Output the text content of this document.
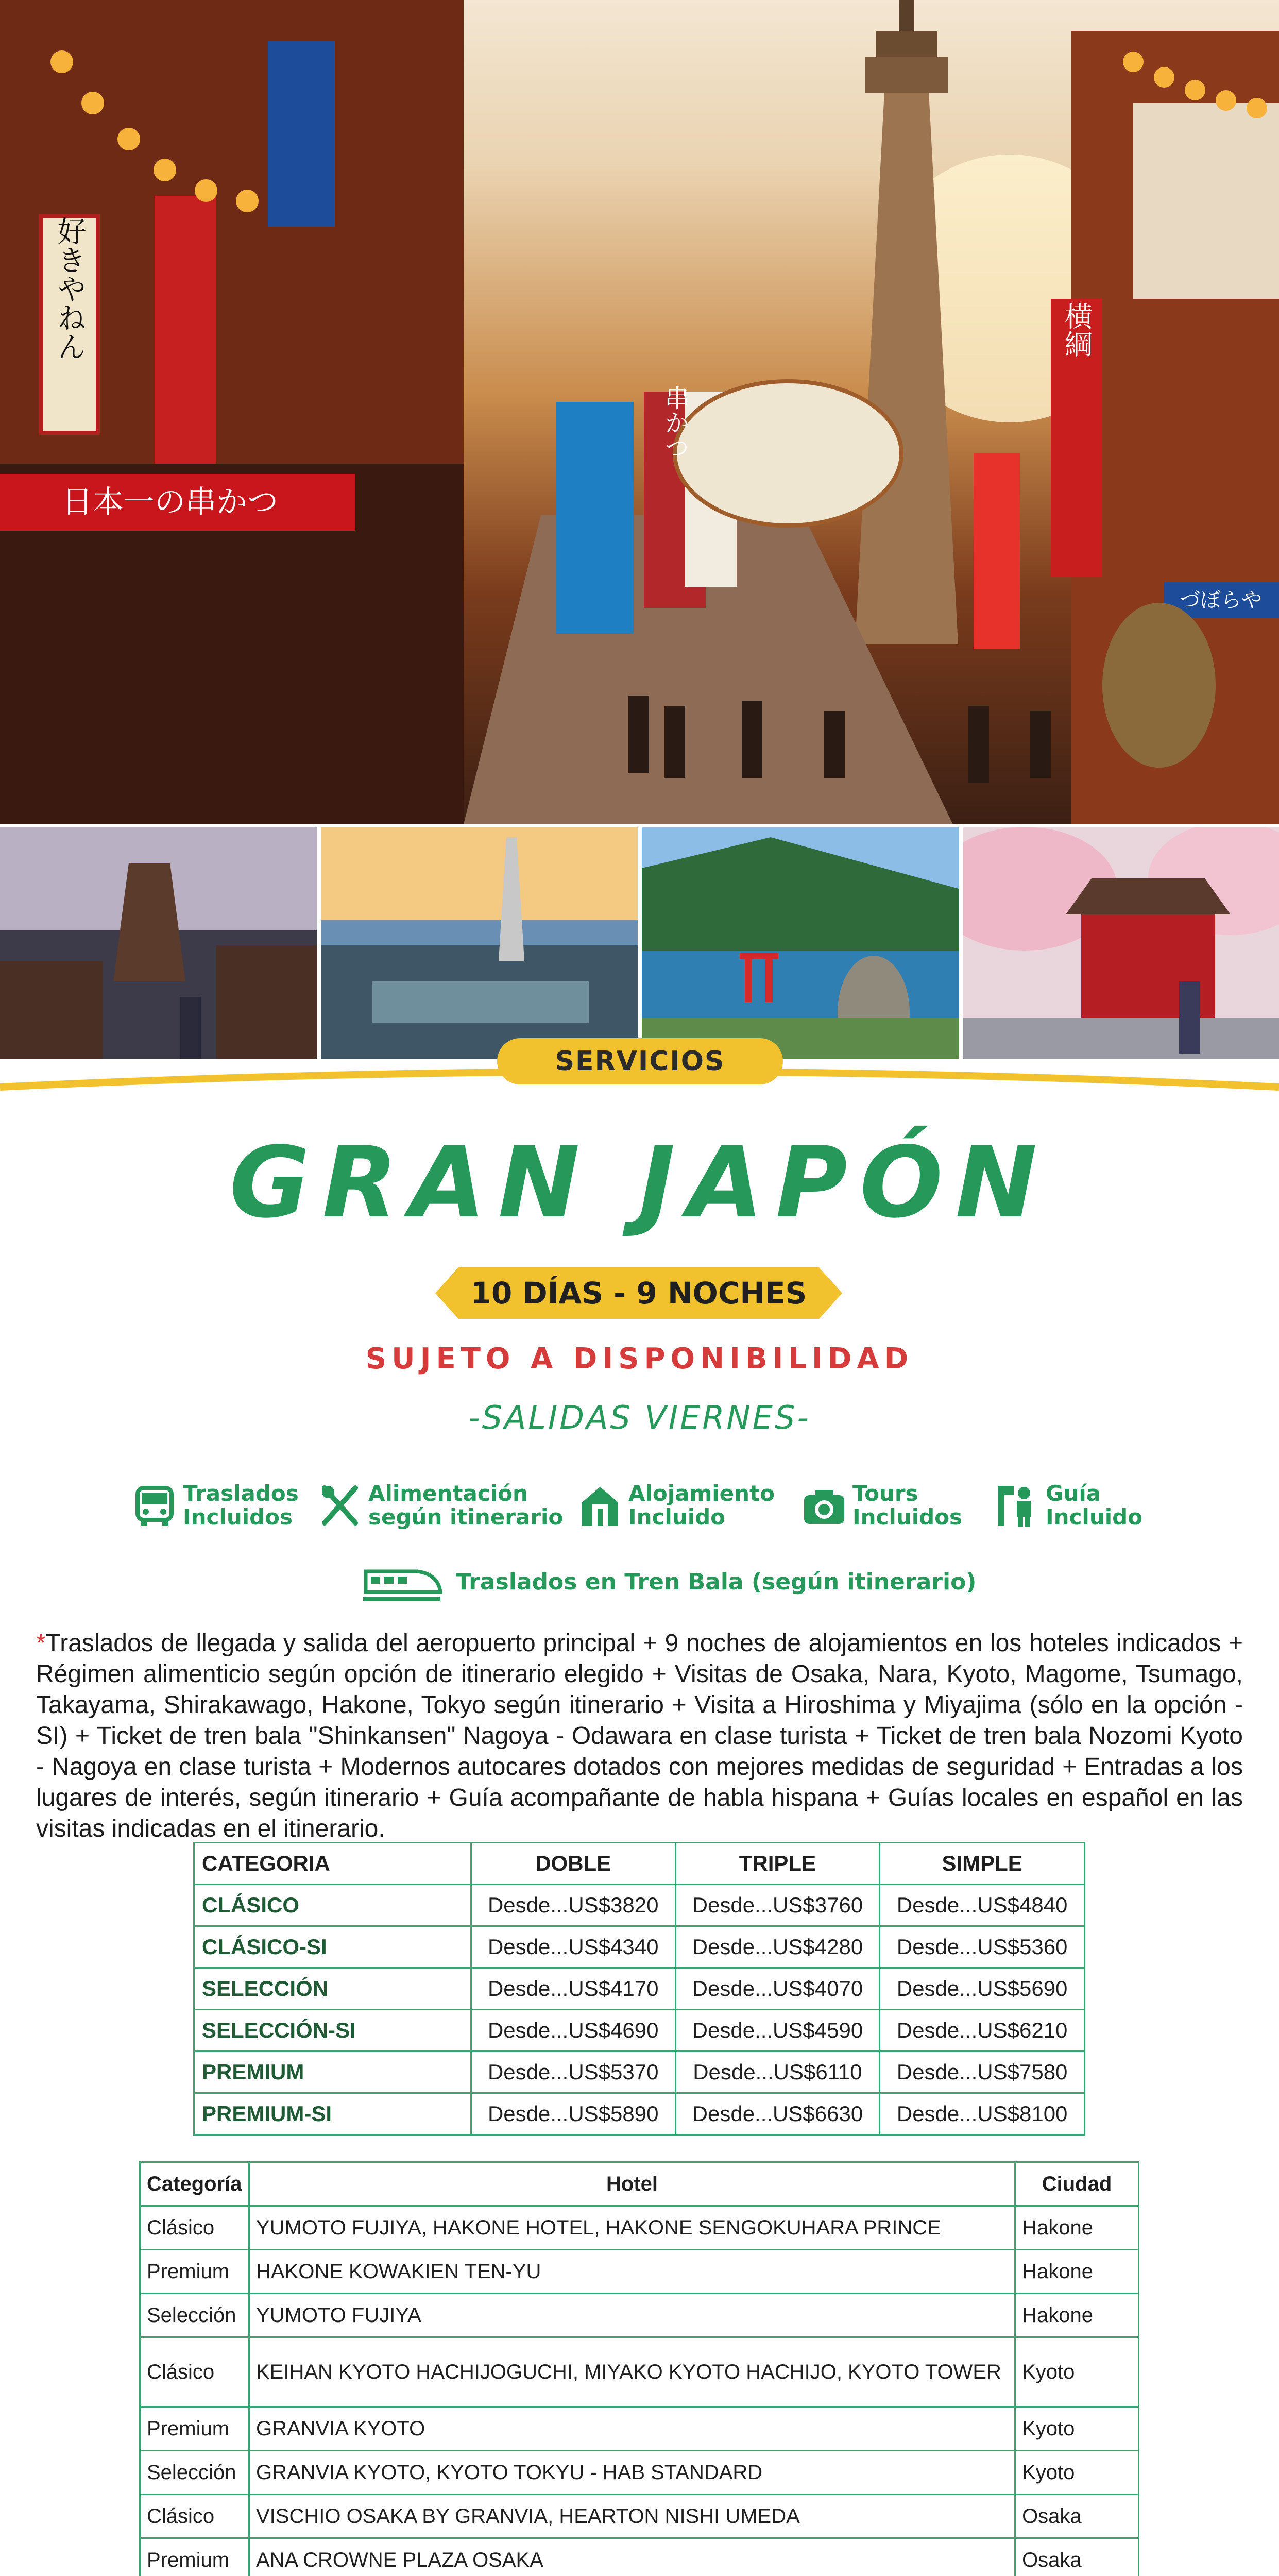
好きやねん	横綱
日本一の串かつ
串かつ
づぼらや
SERVICIOS
GRAN JAPÓN
10 DÍAS - 9 NOCHES
SUJETO A DISPONIBILIDAD
-SALIDAS VIERNES-
Traslados
Incluidos
Alimentación
según itinerario
Alojamiento
Incluido
Tours
Incluidos
Guía
Incluido
Traslados en Tren Bala (según itinerario)
*Traslados de llegada y salida del aeropuerto principal + 9 noches de alojamientos en los hoteles indicados + Régimen alimenticio según opción de itinerario elegido + Visitas de Osaka, Nara, Kyoto, Magome, Tsumago, Takayama, Shirakawago, Hakone, Tokyo según itinerario + Visita a Hiroshima y Miyajima (sólo en la opción -SI) + Ticket de tren bala "Shinkansen" Nagoya - Odawara en clase turista + Ticket de tren bala Nozomi Kyoto - Nagoya en clase turista + Modernos autocares dotados con mejores medidas de seguridad + Entradas a los lugares de interés, según itinerario + Guía acompañante de habla hispana + Guías locales en español en las visitas indicadas en el itinerario.
CATEGORIA	DOBLE	TRIPLE	SIMPLE
CLÁSICO	Desde...US$3820	Desde...US$3760	Desde...US$4840
CLÁSICO-SI	Desde...US$4340	Desde...US$4280	Desde...US$5360
SELECCIÓN	Desde...US$4170	Desde...US$4070	Desde...US$5690
SELECCIÓN-SI	Desde...US$4690	Desde...US$4590	Desde...US$6210
PREMIUM	Desde...US$5370	Desde...US$6110	Desde...US$7580
PREMIUM-SI	Desde...US$5890	Desde...US$6630	Desde...US$8100
Categoría	Hotel	Ciudad
Clásico	YUMOTO FUJIYA, HAKONE HOTEL, HAKONE SENGOKUHARA PRINCE	Hakone
Premium	HAKONE KOWAKIEN TEN-YU	Hakone
Selección	YUMOTO FUJIYA	Hakone
Clásico	KEIHAN KYOTO HACHIJOGUCHI, MIYAKO KYOTO HACHIJO, KYOTO TOWER	Kyoto
Premium	GRANVIA KYOTO	Kyoto
Selección	GRANVIA KYOTO, KYOTO TOKYU - HAB STANDARD	Kyoto
Clásico	VISCHIO OSAKA BY GRANVIA, HEARTON NISHI UMEDA	Osaka
Premium	ANA CROWNE PLAZA OSAKA	Osaka
